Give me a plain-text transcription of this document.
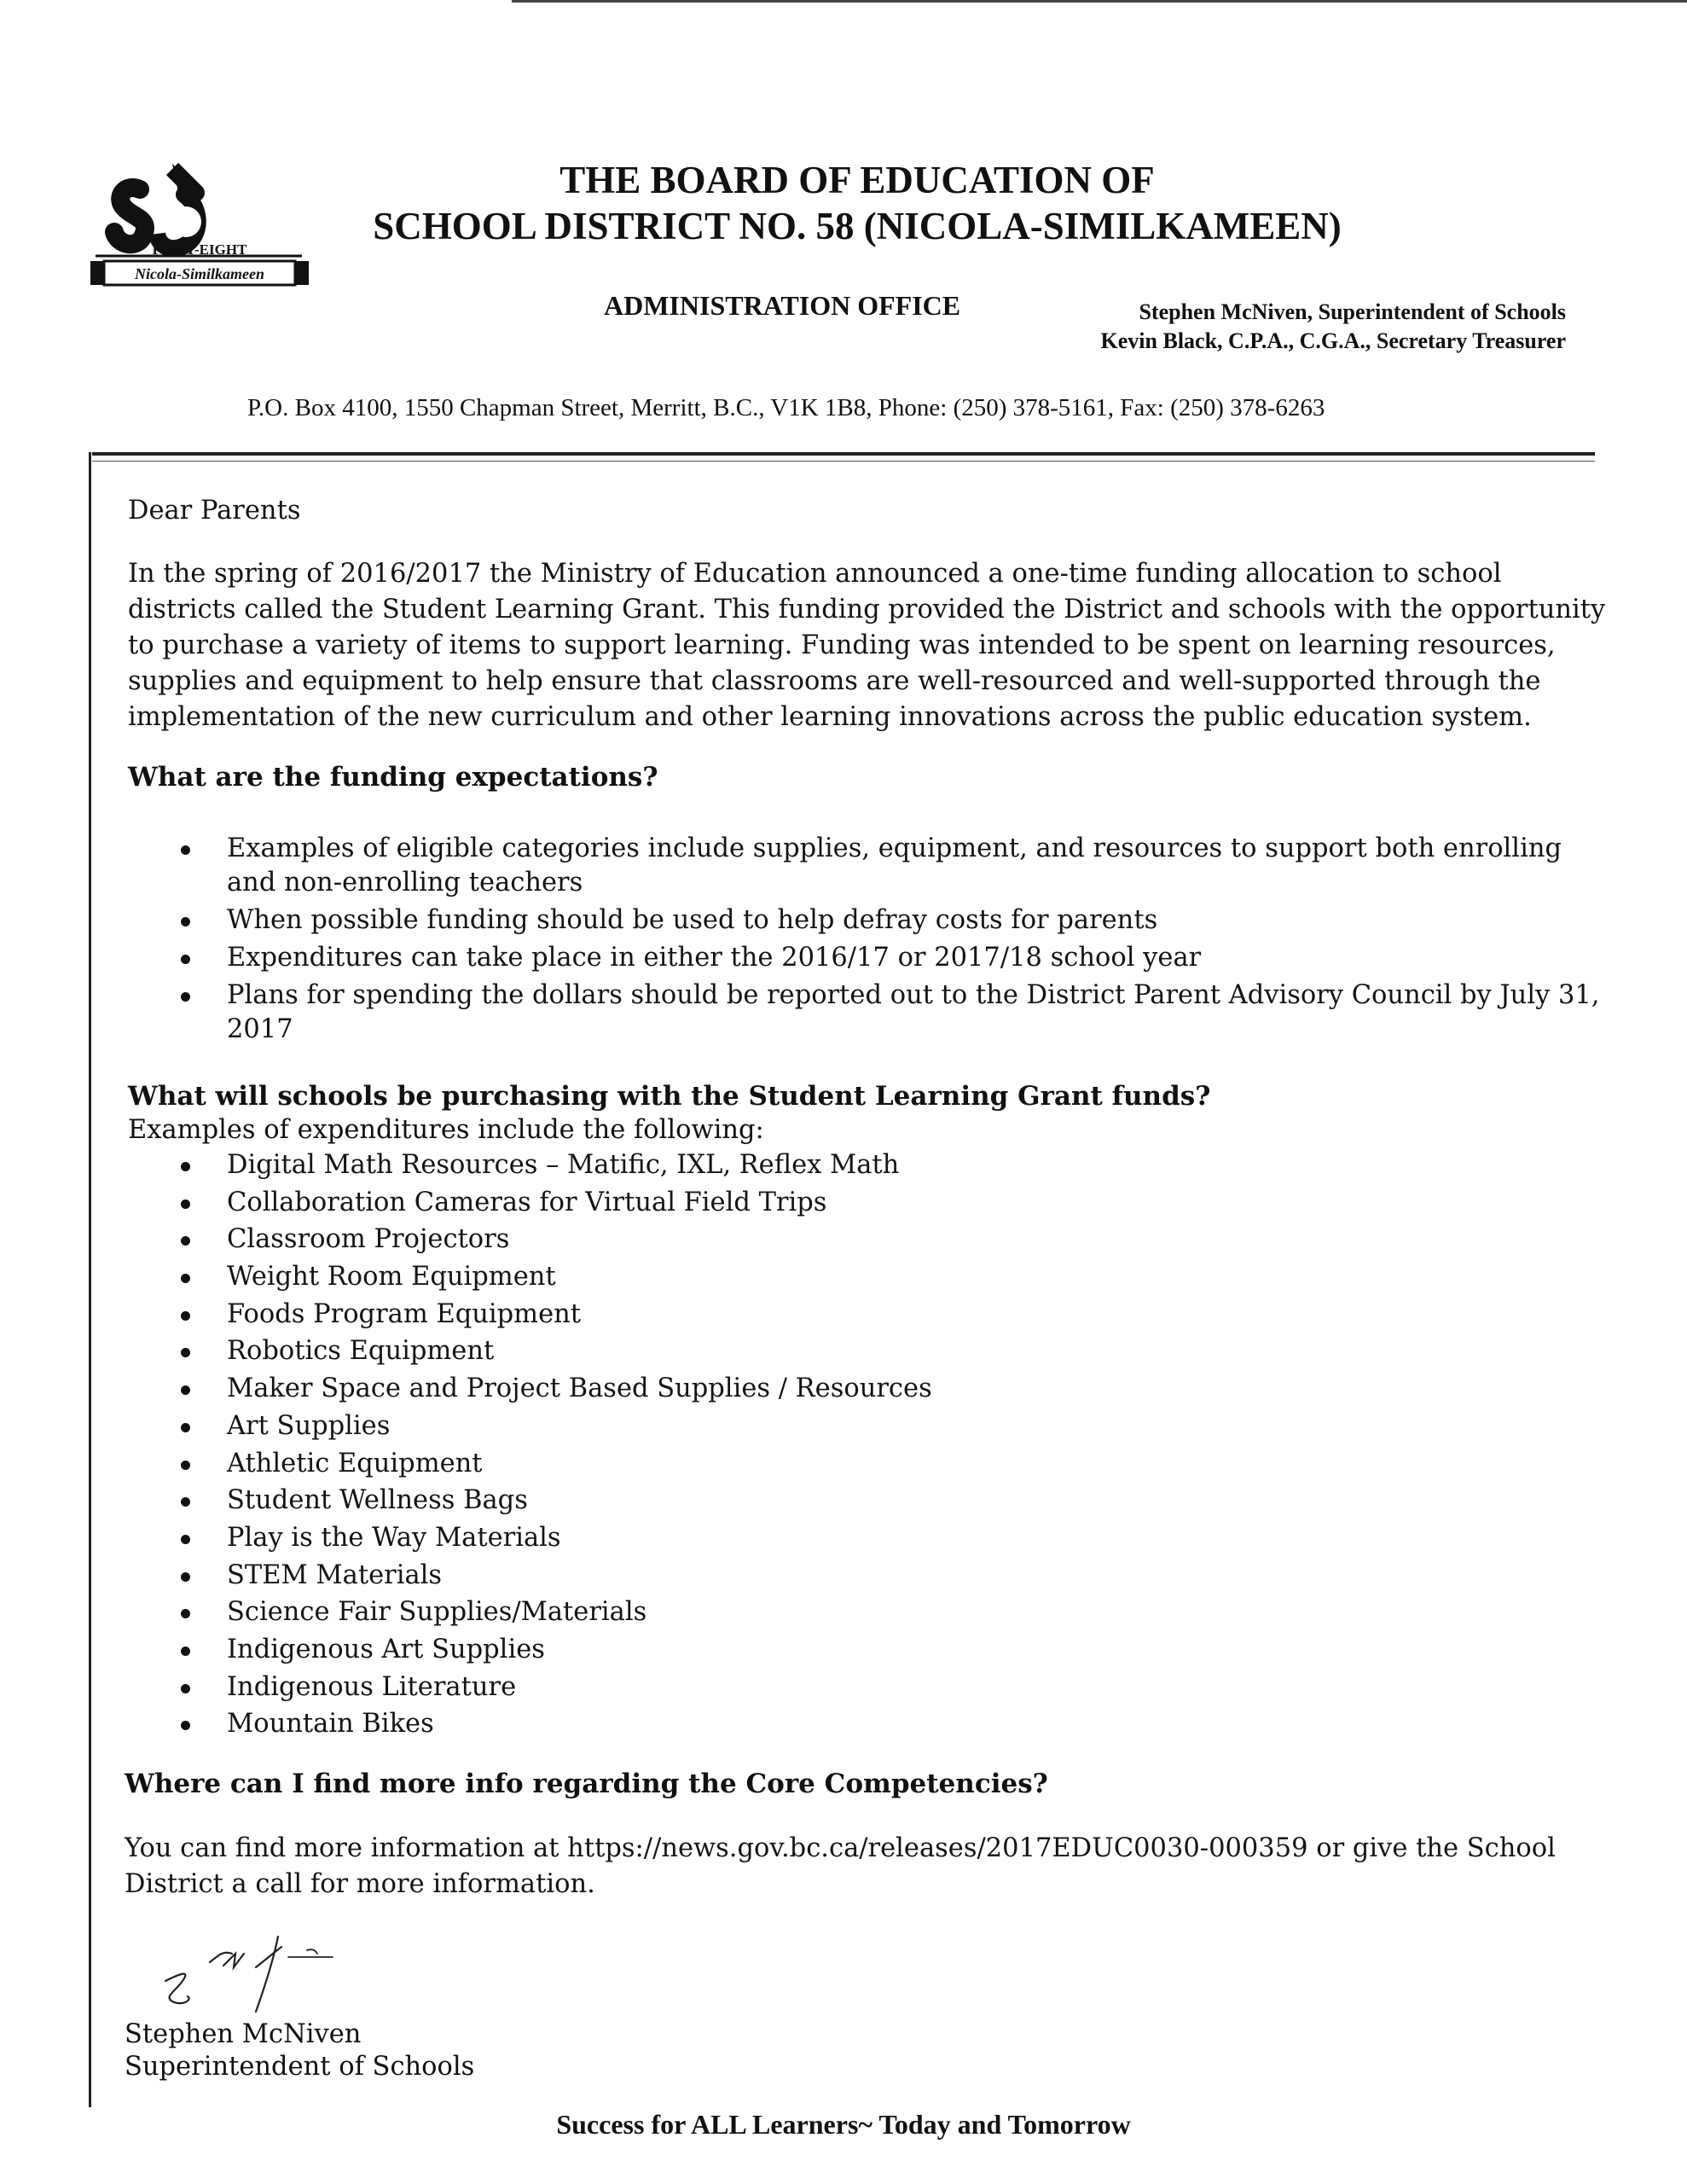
FIFTY-EIGHT
Nicola-Similkameen
THE BOARD OF EDUCATION OF
SCHOOL DISTRICT NO. 58 (NICOLA-SIMILKAMEEN)
ADMINISTRATION OFFICE	Stephen McNiven, Superintendent of Schools
Kevin Black, C.P.A., C.G.A., Secretary Treasurer
P.O. Box 4100, 1550 Chapman Street, Merritt, B.C., V1K 1B8, Phone: (250) 378-5161, Fax: (250) 378-6263
Dear Parents
In the spring of 2016/2017 the Ministry of Education announced a one-time funding allocation to school
districts called the Student Learning Grant. This funding provided the District and schools with the opportunity
to purchase a variety of items to support learning. Funding was intended to be spent on learning resources,
supplies and equipment to help ensure that classrooms are well-resourced and well-supported through the
implementation of the new curriculum and other learning innovations across the public education system.
What are the funding expectations?
Examples of eligible categories include supplies, equipment, and resources to support both enrolling
and non-enrolling teachers
When possible funding should be used to help defray costs for parents
Expenditures can take place in either the 2016/17 or 2017/18 school year
Plans for spending the dollars should be reported out to the District Parent Advisory Council by July 31,
2017
What will schools be purchasing with the Student Learning Grant funds?
Examples of expenditures include the following:
Digital Math Resources – Matific, IXL, Reflex Math
Collaboration Cameras for Virtual Field Trips
Classroom Projectors
Weight Room Equipment
Foods Program Equipment
Robotics Equipment
Maker Space and Project Based Supplies / Resources
Art Supplies
Athletic Equipment
Student Wellness Bags
Play is the Way Materials
STEM Materials
Science Fair Supplies/Materials
Indigenous Art Supplies
Indigenous Literature
Mountain Bikes
Where can I find more info regarding the Core Competencies?
You can find more information at https://news.gov.bc.ca/releases/2017EDUC0030-000359 or give the School
District a call for more information.
Stephen McNiven
Superintendent of Schools
Success for ALL Learners~ Today and Tomorrow
